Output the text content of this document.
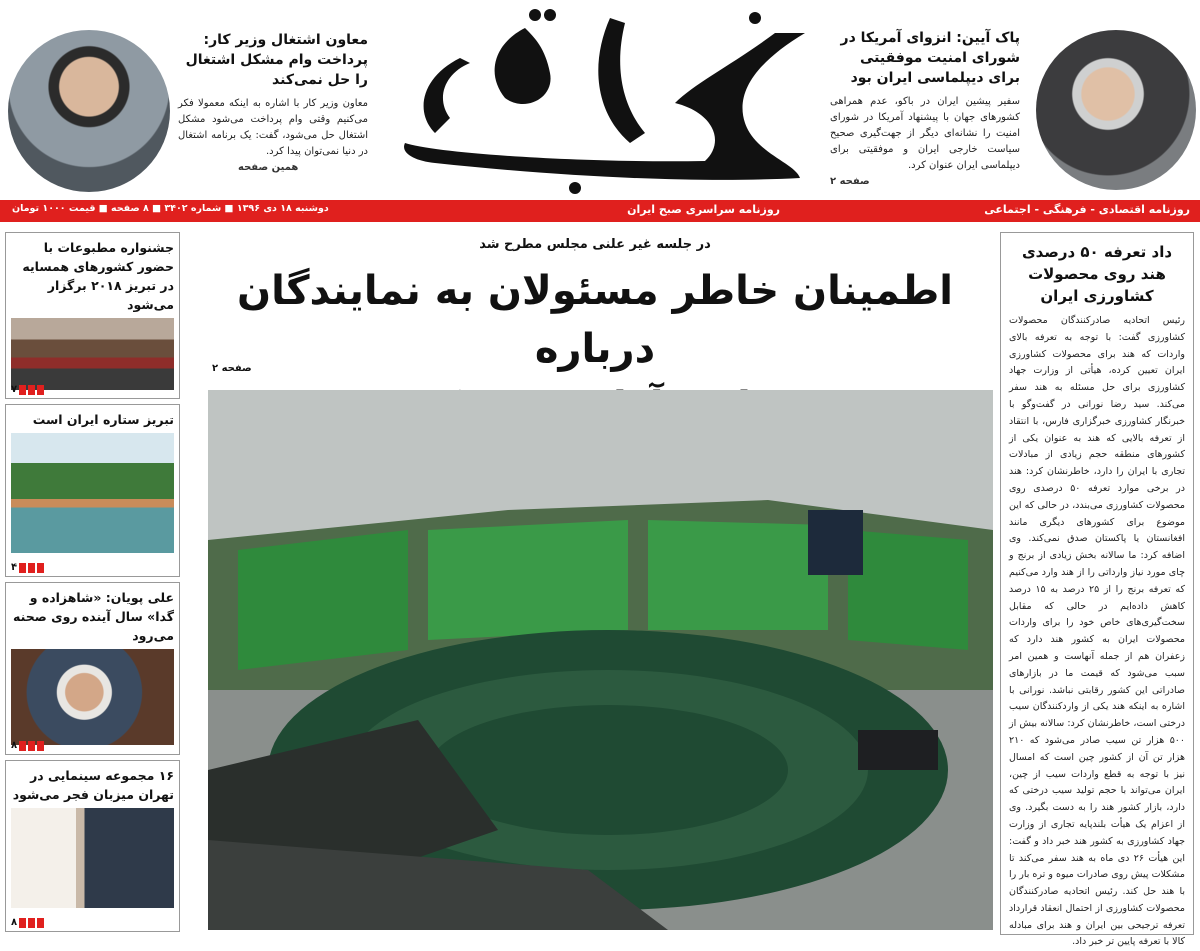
پاک آیین: انزوای آمریکا در شورای امنیت موفقیتی برای دیپلماسی ایران بود
سفیر پیشین ایران در باکو، عدم همراهی کشورهای جهان با پیشنهاد آمریکا در شورای امنیت را نشانه‌ای دیگر از جهت‌گیری صحیح سیاست خارجی ایران و موفقیتی برای دیپلماسی ایران عنوان کرد.
صفحه ۲
معاون اشتغال وزیر کار: پرداخت وام مشکل اشتغال را حل نمی‌کند
معاون وزیر کار با اشاره به اینکه معمولا فکر می‌کنیم وقتی وام پرداخت می‌شود مشکل اشتغال حل می‌شود، گفت: یک برنامه اشتغال در دنیا نمی‌توان پیدا کرد.
همین صفحه
روزنامه اقتصادی - فرهنگی - اجتماعی
روزنامه سراسری صبح ایران
دوشنبه ۱۸ دی ۱۳۹۶ ■ شماره ۳۴۰۲ ■ ۸ صفحه ■ قیمت ۱۰۰۰ تومان
در جلسه غیر علنی مجلس مطرح شد
اطمینان خاطر مسئولان به نمایندگان درباره
صفحه ۲
داد تعرفه ۵۰ درصدی هند روی محصولات کشاورزی ایران
رئیس اتحادیه صادرکنندگان محصولات کشاورزی گفت: با توجه به تعرفه بالای واردات که هند برای محصولات کشاورزی ایران تعیین کرده، هیأتی از وزارت جهاد کشاورزی برای حل مسئله به هند سفر می‌کند. سید رضا نورانی در گفت‌وگو با خبرنگار کشاورزی خبرگزاری فارس، با انتقاد از تعرفه بالایی که هند به عنوان یکی از کشورهای منطقه حجم زیادی از مبادلات تجاری با ایران را دارد، خاطرنشان کرد: هند در برخی موارد تعرفه ۵۰ درصدی روی محصولات کشاورزی می‌بندد، در حالی که این موضوع برای کشورهای دیگری مانند افغانستان یا پاکستان صدق نمی‌کند. وی اضافه کرد: ما سالانه بخش زیادی از برنج و چای مورد نیاز وارداتی را از هند وارد می‌کنیم که تعرفه برنج را از ۲۵ درصد به ۱۵ درصد کاهش داده‌ایم در حالی که مقابل سخت‌گیری‌های خاص خود را برای واردات محصولات ایران به کشور هند دارد که زعفران هم از جمله آنهاست و همین امر سبب می‌شود که قیمت ما در بازارهای صادراتی این کشور رقابتی نباشد. نورانی با اشاره به اینکه هند یکی از واردکنندگان سیب درختی است، خاطرنشان کرد: سالانه بیش از ۵۰۰ هزار تن سیب صادر می‌شود که ۲۱۰ هزار تن آن از کشور چین است که امسال نیز با توجه به قطع واردات سیب از چین، ایران می‌تواند با حجم تولید سیب درختی که دارد، بازار کشور هند را به دست بگیرد. وی از اعزام یک هیأت بلندپایه تجاری از وزارت جهاد کشاورزی به کشور هند خبر داد و گفت: این هیأت ۲۶ دی ماه به هند سفر می‌کند تا مشکلات پیش روی صادرات میوه و تره بار را با هند حل کند. رئیس اتحادیه صادرکنندگان محصولات کشاورزی از احتمال انعقاد قرارداد تعرفه ترجیحی بین ایران و هند برای مبادله کالا با تعرفه پایین تر خبر داد.
جشنواره مطبوعات با حضور کشورهای همسایه در تبریز ۲۰۱۸ برگزار می‌شود
۷
تبریز ستاره ایران است
۴
علی پویان: «شاهزاده و گدا» سال آینده روی صحنه می‌رود
۸
۱۶ مجموعه سینمایی در تهران میزبان فجر می‌شود
۸
